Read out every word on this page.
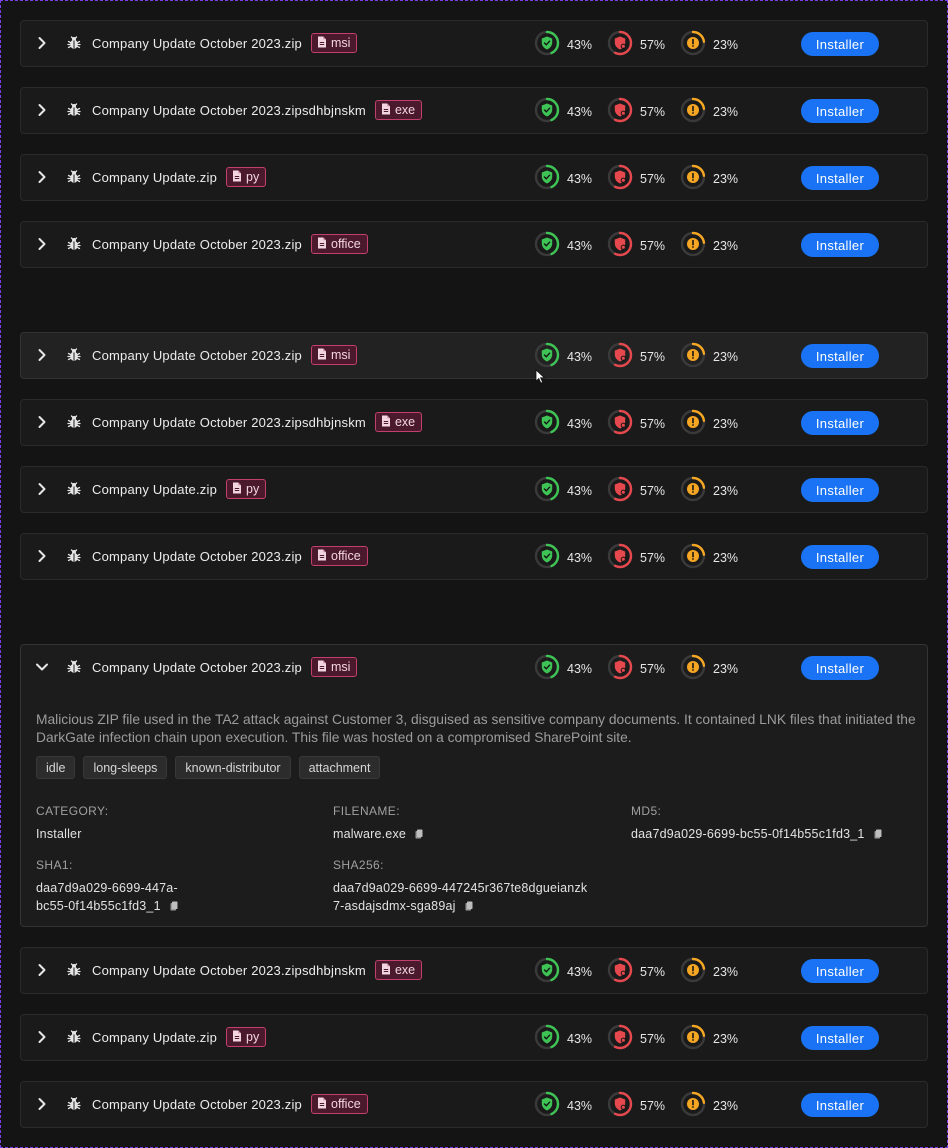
Company Update October 2023.zip msi	43%	57%	23%	Installer
Company Update October 2023.zipsdhbjnskm exe	43%	57%	23%	Installer
Company Update.zip py	43%	57%	23%	Installer
Company Update October 2023.zip office	43%	57%	23%	Installer
Company Update October 2023.zip msi	43%	57%	23%	Installer
Company Update October 2023.zipsdhbjnskm exe	43%	57%	23%	Installer
Company Update.zip py	43%	57%	23%	Installer
Company Update October 2023.zip office	43%	57%	23%	Installer
Company Update October 2023.zip msi	43%	57%	23%	Installer
Malicious ZIP file used in the TA2 attack against Customer 3, disguised as sensitive company documents. It contained LNK files that initiated the DarkGate infection chain upon execution. This file was hosted on a compromised SharePoint site.
idle	long-sleeps	known-distributor	attachment
CATEGORY:
Installer
FILENAME:
malware.exe
MD5:
daa7d9a029-6699-bc55-0f14b55c1fd3_1
SHA1:
daa7d9a029-6699-447a-
bc55-0f14b55c1fd3_1
SHA256:
daa7d9a029-6699-447245r367te8dgueianzk
7-asdajsdmx-sga89aj
Company Update October 2023.zipsdhbjnskm exe	43%	57%	23%	Installer
Company Update.zip py	43%	57%	23%	Installer
Company Update October 2023.zip office	43%	57%	23%	Installer
